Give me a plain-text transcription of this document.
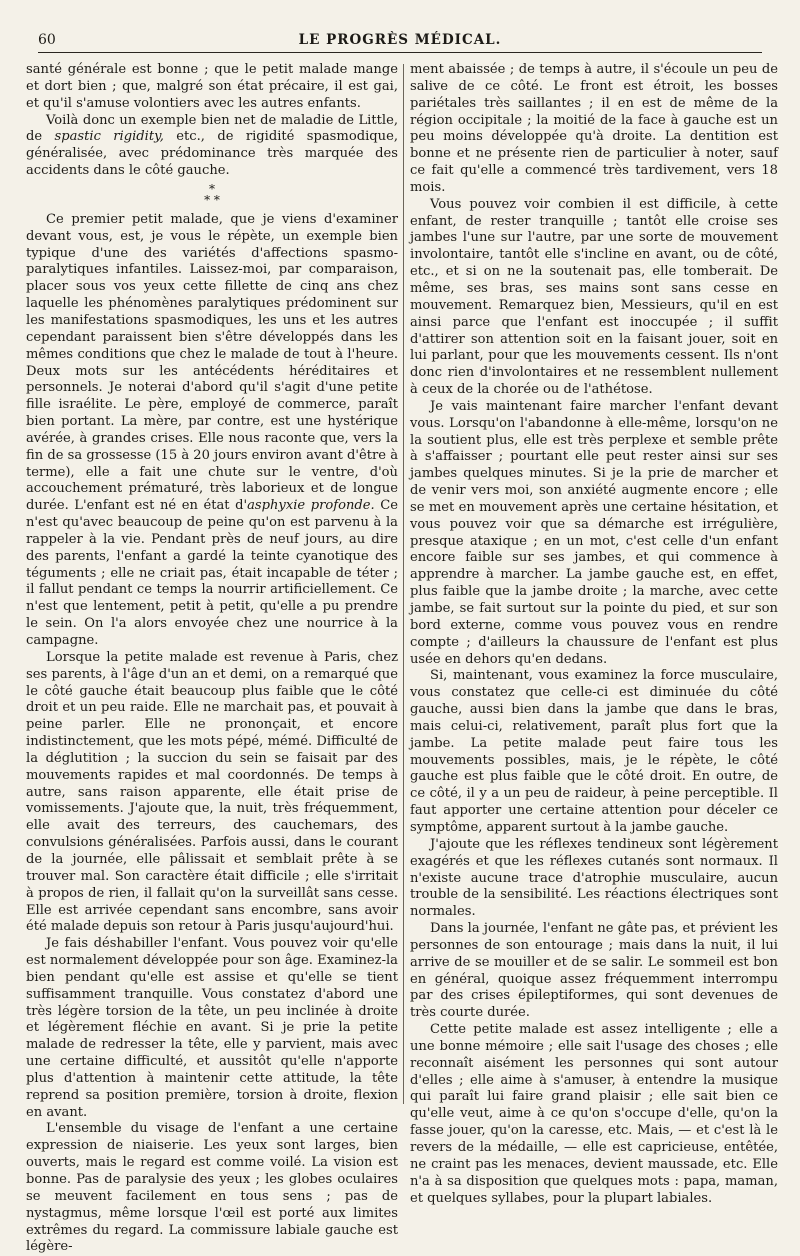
60	LE PROGRÈS MÉDICAL.

santé générale est bonne ; que le petit malade mange et dort bien ; que, malgré son état précaire, il est gai, et qu'il s'amuse volontiers avec les autres enfants.

Voilà donc un exemple bien net de maladie de Little, de spastic rigidity, etc., de rigidité spasmodique, généralisée, avec prédominance très marquée des accidents dans le côté gauche.

*
* *

Ce premier petit malade, que je viens d'examiner devant vous, est, je vous le répète, un exemple bien typique d'une des variétés d'affections spasmo-paralytiques infantiles. Laissez-moi, par comparaison, placer sous vos yeux cette fillette de cinq ans chez laquelle les phénomènes paralytiques prédominent sur les manifestations spasmodiques, les uns et les autres cependant paraissent bien s'être développés dans les mêmes conditions que chez le malade de tout à l'heure. Deux mots sur les antécédents héréditaires et personnels. Je noterai d'abord qu'il s'agit d'une petite fille israélite. Le père, employé de commerce, paraît bien portant. La mère, par contre, est une hystérique avérée, à grandes crises. Elle nous raconte que, vers la fin de sa grossesse (15 à 20 jours environ avant d'être à terme), elle a fait une chute sur le ventre, d'où accouchement prématuré, très laborieux et de longue durée. L'enfant est né en état d'asphyxie profonde. Ce n'est qu'avec beaucoup de peine qu'on est parvenu à la rappeler à la vie. Pendant près de neuf jours, au dire des parents, l'enfant a gardé la teinte cyanotique des téguments ; elle ne criait pas, était incapable de téter ; il fallut pendant ce temps la nourrir artificiellement. Ce n'est que lentement, petit à petit, qu'elle a pu prendre le sein. On l'a alors envoyée chez une nourrice à la campagne.

Lorsque la petite malade est revenue à Paris, chez ses parents, à l'âge d'un an et demi, on a remarqué que le côté gauche était beaucoup plus faible que le côté droit et un peu raide. Elle ne marchait pas, et pouvait à peine parler. Elle ne prononçait, et encore indistinctement, que les mots pépé, mémé. Difficulté de la déglutition ; la succion du sein se faisait par des mouvements rapides et mal coordonnés. De temps à autre, sans raison apparente, elle était prise de vomissements. J'ajoute que, la nuit, très fréquemment, elle avait des terreurs, des cauchemars, des convulsions généralisées. Parfois aussi, dans le courant de la journée, elle pâlissait et semblait prête à se trouver mal. Son caractère était difficile ; elle s'irritait à propos de rien, il fallait qu'on la surveillât sans cesse. Elle est arrivée cependant sans encombre, sans avoir été malade depuis son retour à Paris jusqu'aujourd'hui.

Je fais déshabiller l'enfant. Vous pouvez voir qu'elle est normalement développée pour son âge. Examinez-la bien pendant qu'elle est assise et qu'elle se tient suffisamment tranquille. Vous constatez d'abord une très légère torsion de la tête, un peu inclinée à droite et légèrement fléchie en avant. Si je prie la petite malade de redresser la tête, elle y parvient, mais avec une certaine difficulté, et aussitôt qu'elle n'apporte plus d'attention à maintenir cette attitude, la tête reprend sa position première, torsion à droite, flexion en avant.

L'ensemble du visage de l'enfant a une certaine expression de niaiserie. Les yeux sont larges, bien ouverts, mais le regard est comme voilé. La vision est bonne. Pas de paralysie des yeux ; les globes oculaires se meuvent facilement en tous sens ; pas de nystagmus, même lorsque l'œil est porté aux limites extrêmes du regard. La commissure labiale gauche est légère-

ment abaissée ; de temps à autre, il s'écoule un peu de salive de ce côté. Le front est étroit, les bosses pariétales très saillantes ; il en est de même de la région occipitale ; la moitié de la face à gauche est un peu moins développée qu'à droite. La dentition est bonne et ne présente rien de particulier à noter, sauf ce fait qu'elle a commencé très tardivement, vers 18 mois.

Vous pouvez voir combien il est difficile, à cette enfant, de rester tranquille ; tantôt elle croise ses jambes l'une sur l'autre, par une sorte de mouvement involontaire, tantôt elle s'incline en avant, ou de côté, etc., et si on ne la soutenait pas, elle tomberait. De même, ses bras, ses mains sont sans cesse en mouvement. Remarquez bien, Messieurs, qu'il en est ainsi parce que l'enfant est inoccupée ; il suffit d'attirer son attention soit en la faisant jouer, soit en lui parlant, pour que les mouvements cessent. Ils n'ont donc rien d'involontaires et ne ressemblent nullement à ceux de la chorée ou de l'athétose.

Je vais maintenant faire marcher l'enfant devant vous. Lorsqu'on l'abandonne à elle-même, lorsqu'on ne la soutient plus, elle est très perplexe et semble prête à s'affaisser ; pourtant elle peut rester ainsi sur ses jambes quelques minutes. Si je la prie de marcher et de venir vers moi, son anxiété augmente encore ; elle se met en mouvement après une certaine hésitation, et vous pouvez voir que sa démarche est irrégulière, presque ataxique ; en un mot, c'est celle d'un enfant encore faible sur ses jambes, et qui commence à apprendre à marcher. La jambe gauche est, en effet, plus faible que la jambe droite ; la marche, avec cette jambe, se fait surtout sur la pointe du pied, et sur son bord externe, comme vous pouvez vous en rendre compte ; d'ailleurs la chaussure de l'enfant est plus usée en dehors qu'en dedans.

Si, maintenant, vous examinez la force musculaire, vous constatez que celle-ci est diminuée du côté gauche, aussi bien dans la jambe que dans le bras, mais celui-ci, relativement, paraît plus fort que la jambe. La petite malade peut faire tous les mouvements possibles, mais, je le répète, le côté gauche est plus faible que le côté droit. En outre, de ce côté, il y a un peu de raideur, à peine perceptible. Il faut apporter une certaine attention pour déceler ce symptôme, apparent surtout à la jambe gauche.

J'ajoute que les réflexes tendineux sont légèrement exagérés et que les réflexes cutanés sont normaux. Il n'existe aucune trace d'atrophie musculaire, aucun trouble de la sensibilité. Les réactions électriques sont normales.

Dans la journée, l'enfant ne gâte pas, et prévient les personnes de son entourage ; mais dans la nuit, il lui arrive de se mouiller et de se salir. Le sommeil est bon en général, quoique assez fréquemment interrompu par des crises épileptiformes, qui sont devenues de très courte durée.

Cette petite malade est assez intelligente ; elle a une bonne mémoire ; elle sait l'usage des choses ; elle reconnaît aisément les personnes qui sont autour d'elles ; elle aime à s'amuser, à entendre la musique qui paraît lui faire grand plaisir ; elle sait bien ce qu'elle veut, aime à ce qu'on s'occupe d'elle, qu'on la fasse jouer, qu'on la caresse, etc. Mais, — et c'est là le revers de la médaille, — elle est capricieuse, entêtée, ne craint pas les menaces, devient maussade, etc. Elle n'a à sa disposition que quelques mots : papa, maman, et quelques syllabes, pour la plupart labiales.
